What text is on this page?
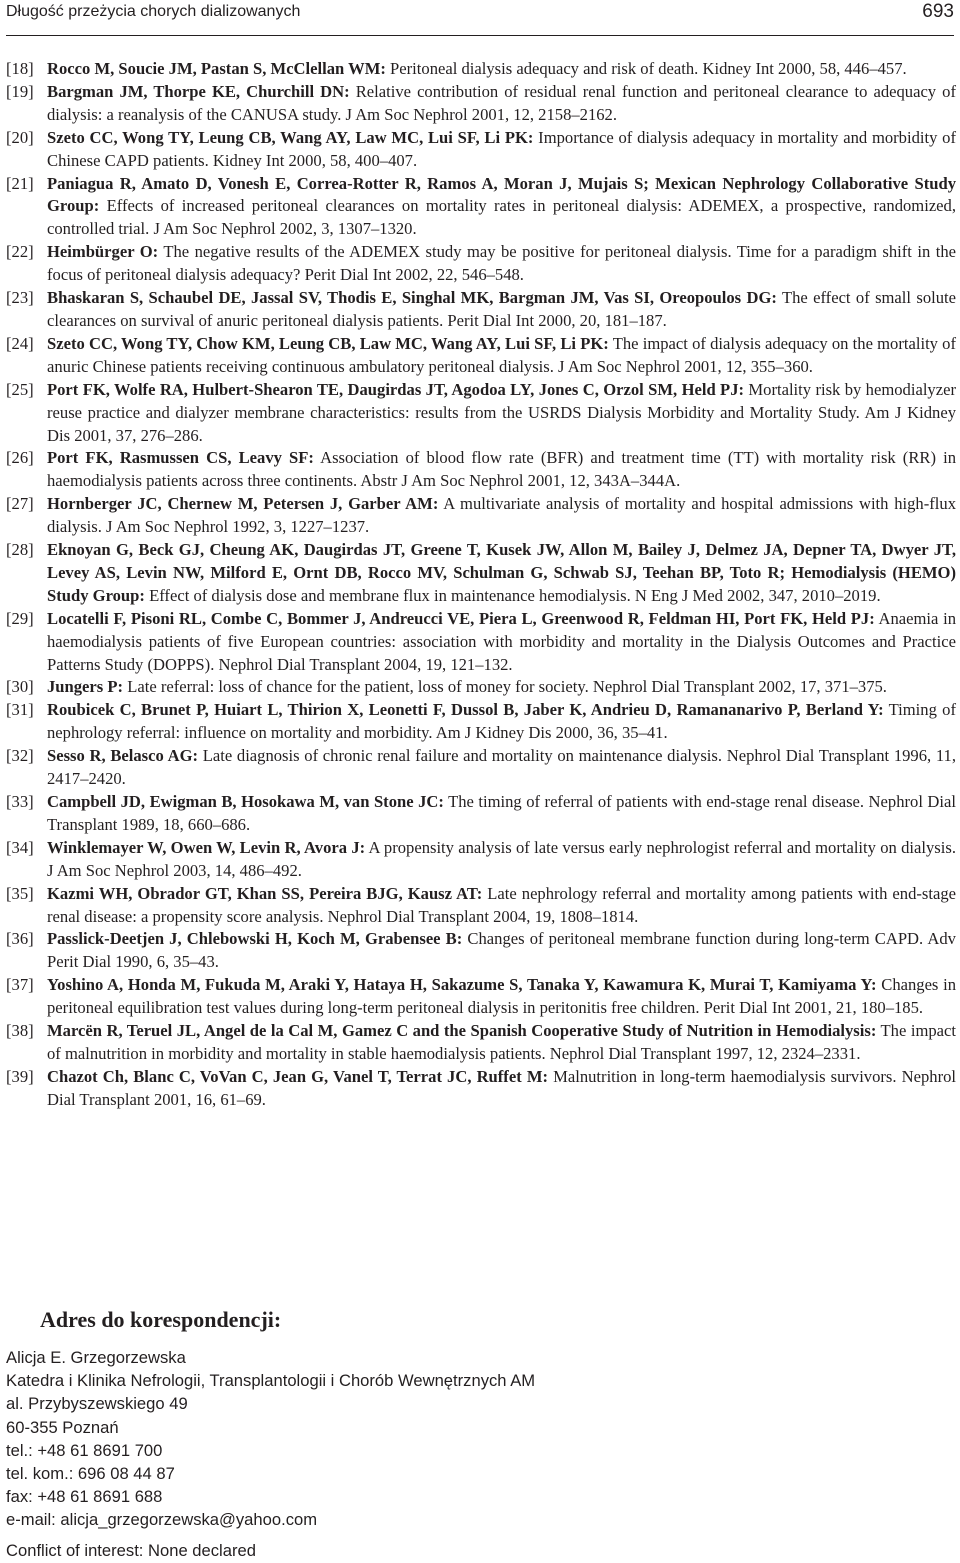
Długość przeżycia chorych dializowanych	693
[18] Rocco M, Soucie JM, Pastan S, McClellan WM: Peritoneal dialysis adequacy and risk of death. Kidney Int 2000, 58, 446–457.
[19] Bargman JM, Thorpe KE, Churchill DN: Relative contribution of residual renal function and peritoneal clearance to adequacy of dialysis: a reanalysis of the CANUSA study. J Am Soc Nephrol 2001, 12, 2158–2162.
[20] Szeto CC, Wong TY, Leung CB, Wang AY, Law MC, Lui SF, Li PK: Importance of dialysis adequacy in mortality and morbidity of Chinese CAPD patients. Kidney Int 2000, 58, 400–407.
[21] Paniagua R, Amato D, Vonesh E, Correa-Rotter R, Ramos A, Moran J, Mujais S; Mexican Nephrology Collaborative Study Group: Effects of increased peritoneal clearances on mortality rates in peritoneal dialysis: ADEMEX, a prospective, randomized, controlled trial. J Am Soc Nephrol 2002, 3, 1307–1320.
[22] Heimbürger O: The negative results of the ADEMEX study may be positive for peritoneal dialysis. Time for a paradigm shift in the focus of peritoneal dialysis adequacy? Perit Dial Int 2002, 22, 546–548.
[23] Bhaskaran S, Schaubel DE, Jassal SV, Thodis E, Singhal MK, Bargman JM, Vas SI, Oreopoulos DG: The effect of small solute clearances on survival of anuric peritoneal dialysis patients. Perit Dial Int 2000, 20, 181–187.
[24] Szeto CC, Wong TY, Chow KM, Leung CB, Law MC, Wang AY, Lui SF, Li PK: The impact of dialysis adequacy on the mortality of anuric Chinese patients receiving continuous ambulatory peritoneal dialysis. J Am Soc Nephrol 2001, 12, 355–360.
[25] Port FK, Wolfe RA, Hulbert-Shearon TE, Daugirdas JT, Agodoa LY, Jones C, Orzol SM, Held PJ: Mortality risk by hemodialyzer reuse practice and dialyzer membrane characteristics: results from the USRDS Dialysis Morbidity and Mortality Study. Am J Kidney Dis 2001, 37, 276–286.
[26] Port FK, Rasmussen CS, Leavy SF: Association of blood flow rate (BFR) and treatment time (TT) with mortality risk (RR) in haemodialysis patients across three continents. Abstr J Am Soc Nephrol 2001, 12, 343A–344A.
[27] Hornberger JC, Chernew M, Petersen J, Garber AM: A multivariate analysis of mortality and hospital admissions with high-flux dialysis. J Am Soc Nephrol 1992, 3, 1227–1237.
[28] Eknoyan G, Beck GJ, Cheung AK, Daugirdas JT, Greene T, Kusek JW, Allon M, Bailey J, Delmez JA, Depner TA, Dwyer JT, Levey AS, Levin NW, Milford E, Ornt DB, Rocco MV, Schulman G, Schwab SJ, Teehan BP, Toto R; Hemodialysis (HEMO) Study Group: Effect of dialysis dose and membrane flux in maintenance hemodialysis. N Eng J Med 2002, 347, 2010–2019.
[29] Locatelli F, Pisoni RL, Combe C, Bommer J, Andreucci VE, Piera L, Greenwood R, Feldman HI, Port FK, Held PJ: Anaemia in haemodialysis patients of five European countries: association with morbidity and mortality in the Dialysis Outcomes and Practice Patterns Study (DOPPS). Nephrol Dial Transplant 2004, 19, 121–132.
[30] Jungers P: Late referral: loss of chance for the patient, loss of money for society. Nephrol Dial Transplant 2002, 17, 371–375.
[31] Roubicek C, Brunet P, Huiart L, Thirion X, Leonetti F, Dussol B, Jaber K, Andrieu D, Ramananarivo P, Berland Y: Timing of nephrology referral: influence on mortality and morbidity. Am J Kidney Dis 2000, 36, 35–41.
[32] Sesso R, Belasco AG: Late diagnosis of chronic renal failure and mortality on maintenance dialysis. Nephrol Dial Transplant 1996, 11, 2417–2420.
[33] Campbell JD, Ewigman B, Hosokawa M, van Stone JC: The timing of referral of patients with end-stage renal disease. Nephrol Dial Transplant 1989, 18, 660–686.
[34] Winklemayer W, Owen W, Levin R, Avora J: A propensity analysis of late versus early nephrologist referral and mortality on dialysis. J Am Soc Nephrol 2003, 14, 486–492.
[35] Kazmi WH, Obrador GT, Khan SS, Pereira BJG, Kausz AT: Late nephrology referral and mortality among patients with end-stage renal disease: a propensity score analysis. Nephrol Dial Transplant 2004, 19, 1808–1814.
[36] Passlick-Deetjen J, Chlebowski H, Koch M, Grabensee B: Changes of peritoneal membrane function during long-term CAPD. Adv Perit Dial 1990, 6, 35–43.
[37] Yoshino A, Honda M, Fukuda M, Araki Y, Hataya H, Sakazume S, Tanaka Y, Kawamura K, Murai T, Kamiyama Y: Changes in peritoneal equilibration test values during long-term peritoneal dialysis in peritonitis free children. Perit Dial Int 2001, 21, 180–185.
[38] Marcën R, Teruel JL, Angel de la Cal M, Gamez C and the Spanish Cooperative Study of Nutrition in Hemodialysis: The impact of malnutrition in morbidity and mortality in stable haemodialysis patients. Nephrol Dial Transplant 1997, 12, 2324–2331.
[39] Chazot Ch, Blanc C, VoVan C, Jean G, Vanel T, Terrat JC, Ruffet M: Malnutrition in long-term haemodialysis survivors. Nephrol Dial Transplant 2001, 16, 61–69.
Adres do korespondencji:
Alicja E. Grzegorzewska
Katedra i Klinika Nefrologii, Transplantologii i Chorób Wewnętrznych AM
al. Przybyszewskiego 49
60-355 Poznań
tel.: +48 61 8691 700
tel. kom.: 696 08 44 87
fax: +48 61 8691 688
e-mail: alicja_grzegorzewska@yahoo.com
Conflict of interest: None declared
